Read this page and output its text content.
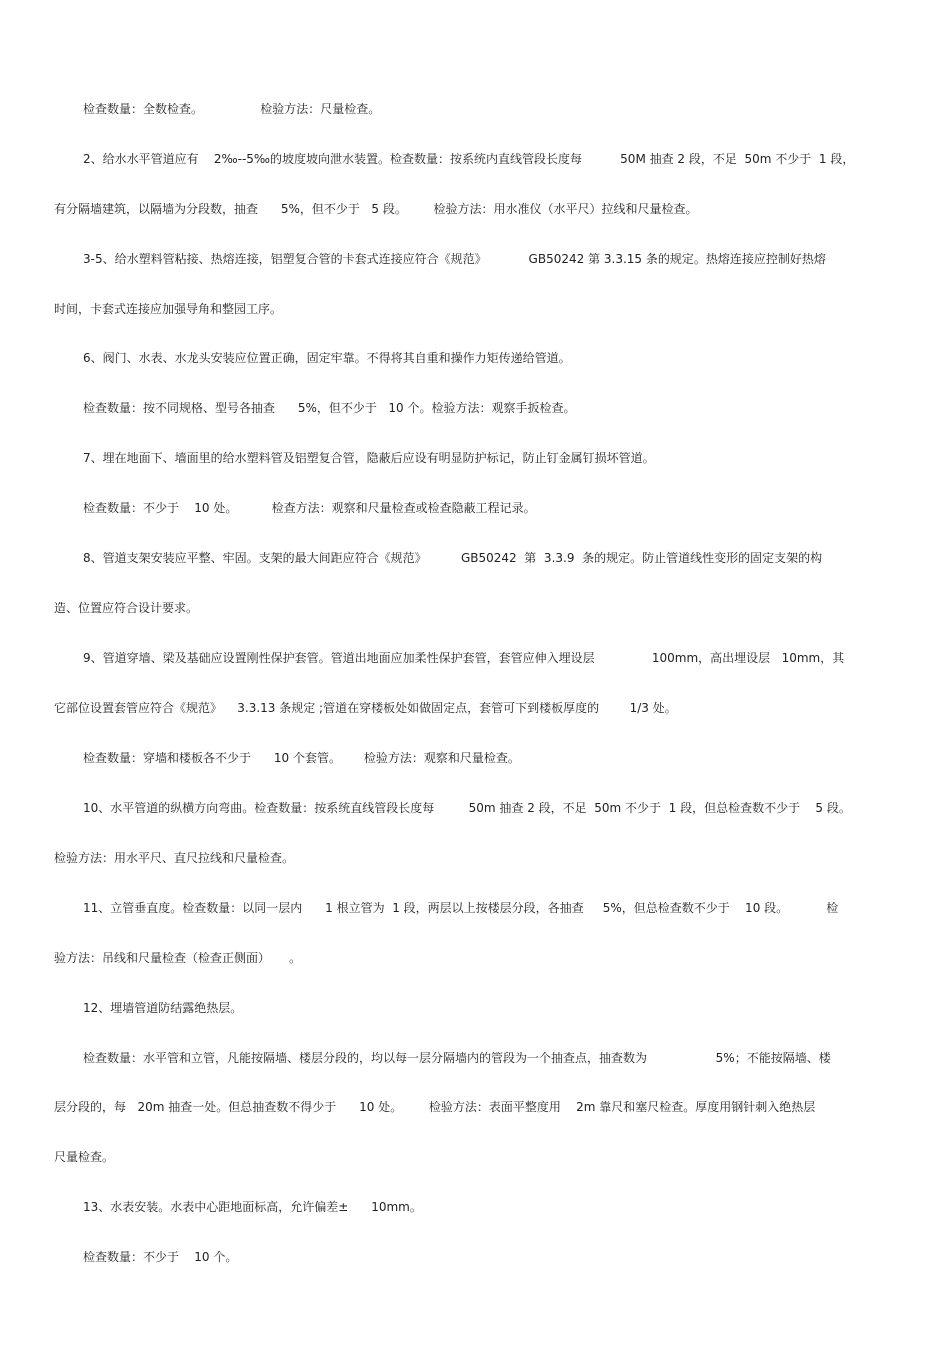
检查数量：全数检查。               检验方法：尺量检查。
2、给水水平管道应有    2‰--5‰的坡度坡向泄水装置。检查数量：按系统内直线管段长度每          50M 抽查 2 段，不足  50m 不少于  1 段，
有分隔墙建筑，以隔墙为分段数，抽查      5%，但不少于   5 段。       检验方法：用水准仪（水平尺）拉线和尺量检查。
3-5、给水塑料管粘接、热熔连接，铝塑复合管的卡套式连接应符合《规范》           GB50242 第 3.3.15 条的规定。热熔连接应控制好热熔
时间，卡套式连接应加强导角和整园工序。
6、阀门、水表、水龙头安装应位置正确，固定牢靠。不得将其自重和操作力矩传递给管道。
检查数量：按不同规格、型号各抽查      5%，但不少于   10 个。检验方法：观察手扳检查。
7、埋在地面下、墙面里的给水塑料管及铝塑复合管，隐蔽后应设有明显防护标记，防止钉金属钉损坏管道。
检查数量：不少于    10 处。         检查方法：观察和尺量检查或检查隐蔽工程记录。
8、管道支架安装应平整、牢固。支架的最大间距应符合《规范》         GB50242  第  3.3.9  条的规定。防止管道线性变形的固定支架的构
造、位置应符合设计要求。
9、管道穿墙、梁及基础应设置刚性保护套管。管道出地面应加柔性保护套管，套管应伸入埋设层               100mm，高出埋设层   10mm，其
它部位设置套管应符合《规范》    3.3.13 条规定 ;管道在穿楼板处如做固定点，套管可下到楼板厚度的        1/3 处。
检查数量：穿墙和楼板各不少于      10 个套管。      检验方法：观察和尺量检查。
10、水平管道的纵横方向弯曲。检查数量：按系统直线管段长度每         50m 抽查 2 段，不足  50m 不少于  1 段，但总检查数不少于    5 段。
检验方法：用水平尺、直尺拉线和尺量检查。
11、立管垂直度。检查数量：以同一层内      1 根立管为  1 段，两层以上按楼层分段，各抽查     5%，但总检查数不少于    10 段。          检
验方法：吊线和尺量检查（检查正侧面）     。
12、埋墙管道防结露绝热层。
检查数量：水平管和立管，凡能按隔墙、楼层分段的，均以每一层分隔墙内的管段为一个抽查点，抽查数为                  5%；不能按隔墙、楼
层分段的，每   20m 抽查一处。但总抽查数不得少于      10 处。       检验方法：表面平整度用    2m 靠尺和塞尺检查。厚度用钢针刺入绝热层
尺量检查。
13、水表安装。水表中心距地面标高，允许偏差±      10mm。
检查数量：不少于    10 个。
